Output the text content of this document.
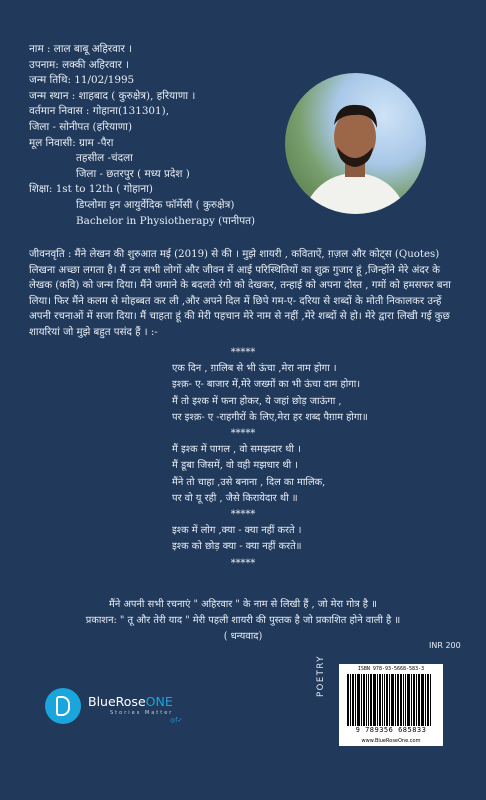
नाम : लाल बाबू अहिरवार ।
उपनाम: लक्की अहिरवार ।
जन्म तिथि: 11/02/1995
जन्म स्थान : शाहबाद ( कुरुक्षेत्र), हरियाणा ।
वर्तमान निवास : गोहाना(131301),
जिला - सोनीपत (हरियाणा)
मूल निवासी: ग्राम -पैरा
तहसील -चंदला
जिला - छतरपुर ( मध्य प्रदेश )
शिक्षा: 1st to 12th ( गोहाना)
डिप्लोमा इन आयुर्वेदिक फॉर्मेसी ( कुरुक्षेत्र)
Bachelor in Physiotherapy (पानीपत)
जीवनवृति : मैंने लेखन की शुरुआत मई (2019) से की । मुझे शायरी , कविताऐं, ग़ज़ल और कोट्स (Quotes) लिखना अच्छा लगता है। मैं उन सभी लोगों और जीवन में आई परिस्थितियों का शुक्र गुजार हूं ,जिन्होंने मेरे अंदर के लेखक (कवि) को जन्म दिया। मैंने जमाने के बदलते रंगो को देखकर, तन्हाई को अपना दोस्त , गमों को हमसफर बना लिया। फिर मैंने कलम से मोहब्बत कर ली ,और अपने दिल में छिपे गम-ए- दरिया से शब्दों के मोती निकालकर उन्हें अपनी रचनाओं में सजा दिया। मैं चाहता हूं की मेरी पहचान मेरे नाम से नहीं ,मेरे शब्दों से हो। मेरे द्वारा लिखी गई कुछ शायरियां जो मुझे बहुत पसंद हैं । :-
*****
एक दिन , ग़ालिब से भी ऊंचा ,मेरा नाम होगा ।
इश्क़- ए- बाजार में,मेरे जख्मों का भी ऊंचा दाम होगा।
मैं तो इश्क में फना होकर, ये जहां छोड़ जाऊंगा ,
पर इश्क़- ए -राहगीरों के लिए,मेरा हर शब्द पैग़ाम होगा॥
*****
मैं इश्क में पागल , वो समझदार थी ।
मैं डूबा जिसमें, वो वही मझधार थी ।
मैंने तो चाहा ,उसे बनाना , दिल का मालिक,
पर वो यू रही , जैसे किरायेदार थी ॥
*****
इश्क में लोग ,क्या - क्या नहीं करते ।
इश्क को छोड़ क्या - क्या नहीं करते॥
*****
मैंने अपनी सभी रचनाएं " अहिरवार " के नाम से लिखी हैं , जो मेरा गोत्र है ॥
प्रकाशन: " तू और तेरी याद " मेरी पहली शायरी की पुस्तक है जो प्रकाशित होने वाली है ॥
( धन्यवाद)
INR 200
POETRY	ISBN 978-93-5668-583-3
9 789356 685833
www.BlueRoseOne.com
BlueRoseONE
Stories Matter
◎f✓
